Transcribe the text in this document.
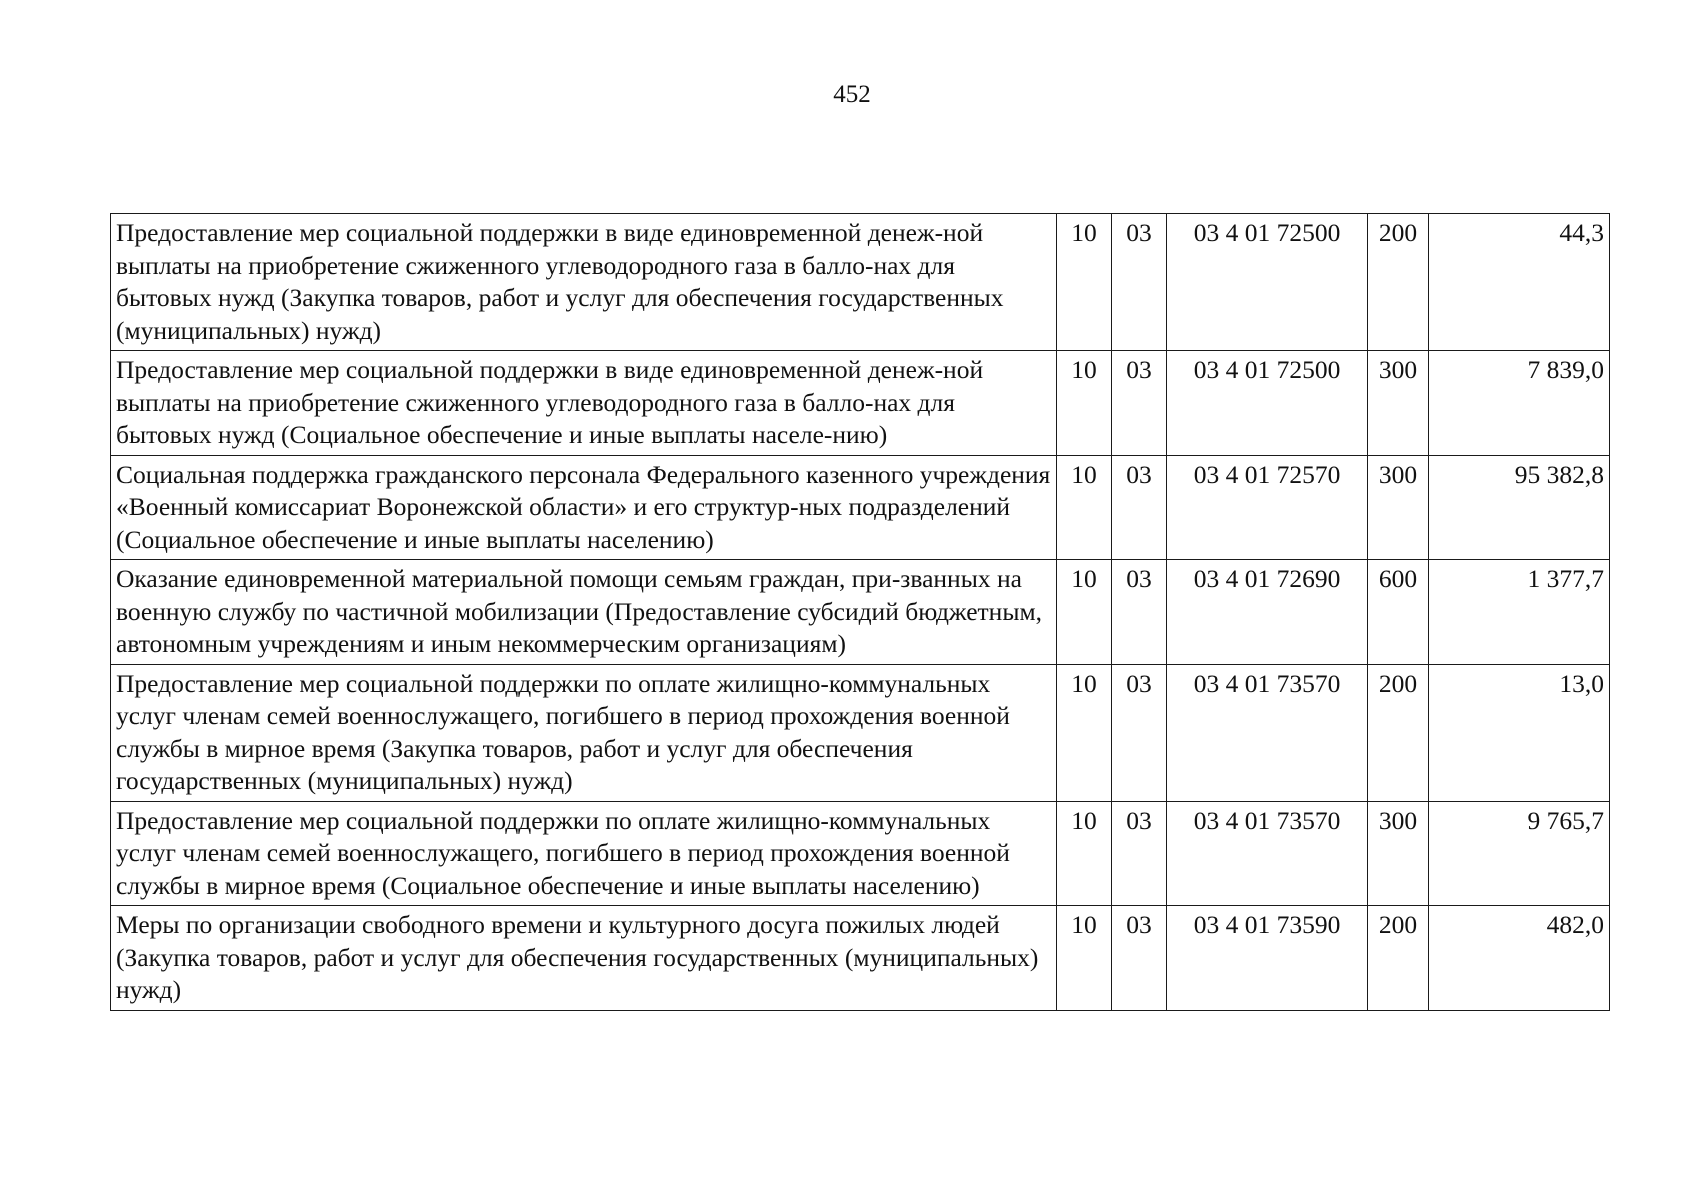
452
Предоставление мер социальной поддержки в виде единовременной денеж-ной выплаты на приобретение сжиженного углеводородного газа в балло-нах для бытовых нужд (Закупка товаров, работ и услуг для обеспечения государственных (муниципальных) нужд)	10	03	03 4 01 72500	200	44,3
Предоставление мер социальной поддержки в виде единовременной денеж-ной выплаты на приобретение сжиженного углеводородного газа в балло-нах для бытовых нужд (Социальное обеспечение и иные выплаты населе-нию)	10	03	03 4 01 72500	300	7 839,0
Социальная поддержка гражданского персонала Федерального казенного учреждения «Военный комиссариат Воронежской области» и его структур-ных подразделений (Социальное обеспечение и иные выплаты населению)	10	03	03 4 01 72570	300	95 382,8
Оказание единовременной материальной помощи семьям граждан, при-званных на военную службу по частичной мобилизации (Предоставление субсидий бюджетным, автономным учреждениям и иным некоммерческим организациям)	10	03	03 4 01 72690	600	1 377,7
Предоставление мер социальной поддержки по оплате жилищно-коммунальных услуг членам семей военнослужащего, погибшего в период прохождения военной службы в мирное время (Закупка товаров, работ и услуг для обеспечения государственных (муниципальных) нужд)	10	03	03 4 01 73570	200	13,0
Предоставление мер социальной поддержки по оплате жилищно-коммунальных услуг членам семей военнослужащего, погибшего в период прохождения военной службы в мирное время (Социальное обеспечение и иные выплаты населению)	10	03	03 4 01 73570	300	9 765,7
Меры по организации свободного времени и культурного досуга пожилых людей (Закупка товаров, работ и услуг для обеспечения государственных (муниципальных) нужд)	10	03	03 4 01 73590	200	482,0
